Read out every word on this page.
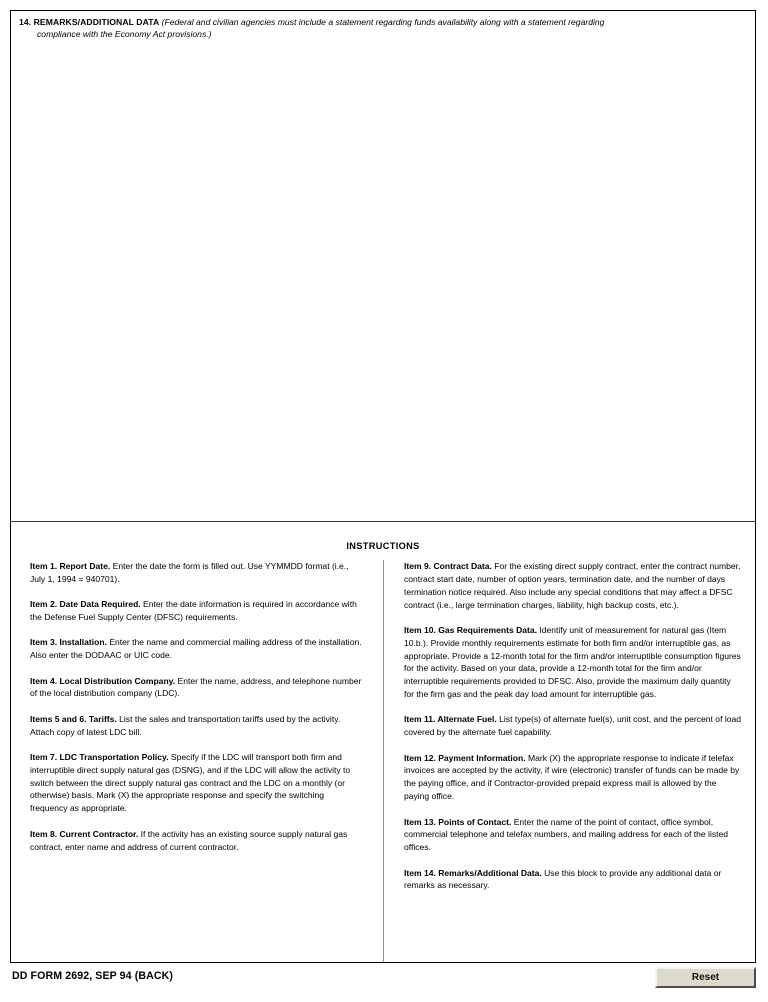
14. REMARKS/ADDITIONAL DATA (Federal and civilian agencies must include a statement regarding funds availability along with a statement regarding
compliance with the Economy Act provisions.)
INSTRUCTIONS

Item 1. Report Date. Enter the date the form is filled out. Use YYMMDD format (i.e., July 1, 1994 = 940701).

Item 2. Date Data Required. Enter the date information is required in accordance with the Defense Fuel Supply Center (DFSC) requirements.

Item 3. Installation. Enter the name and commercial mailing address of the installation. Also enter the DODAAC or UIC code.

Item 4. Local Distribution Company. Enter the name, address, and telephone number of the local distribution company (LDC).

Items 5 and 6. Tariffs. List the sales and transportation tariffs used by the activity. Attach copy of latest LDC bill.

Item 7. LDC Transportation Policy. Specify if the LDC will transport both firm and interruptible direct supply natural gas (DSNG), and if the LDC will allow the activity to switch between the direct supply natural gas contract and the LDC on a monthly (or otherwise) basis. Mark (X) the appropriate response and specify the switching frequency as appropriate.

Item 8. Current Contractor. If the activity has an existing source supply natural gas contract, enter name and address of current contractor.

Item 9. Contract Data. For the existing direct supply contract, enter the contract number, contract start date, number of option years, termination date, and the number of days termination notice required. Also include any special conditions that may affect a DFSC contract (i.e., large termination charges, liability, high backup costs, etc.).

Item 10. Gas Requirements Data. Identify unit of measurement for natural gas (Item 10.b.). Provide monthly requirements estimate for both firm and/or interruptible gas, as appropriate. Provide a 12-month total for the firm and/or interruptible consumption figures for the activity. Based on your data, provide a 12-month total for the firm and/or interruptible requirements provided to DFSC. Also, provide the maximum daily quantity for the firm gas and the peak day load amount for interruptible gas.

Item 11. Alternate Fuel. List type(s) of alternate fuel(s), unit cost, and the percent of load covered by the alternate fuel capability.

Item 12. Payment Information. Mark (X) the appropriate response to indicate if telefax invoices are accepted by the activity, if wire (electronic) transfer of funds can be made by the paying office, and if Contractor-provided prepaid express mail is allowed by the paying office.

Item 13. Points of Contact. Enter the name of the point of contact, office symbol, commercial telephone and telefax numbers, and mailing address for each of the listed offices.

Item 14. Remarks/Additional Data. Use this block to provide any additional data or remarks as necessary.

DD FORM 2692, SEP 94 (BACK)	Reset
